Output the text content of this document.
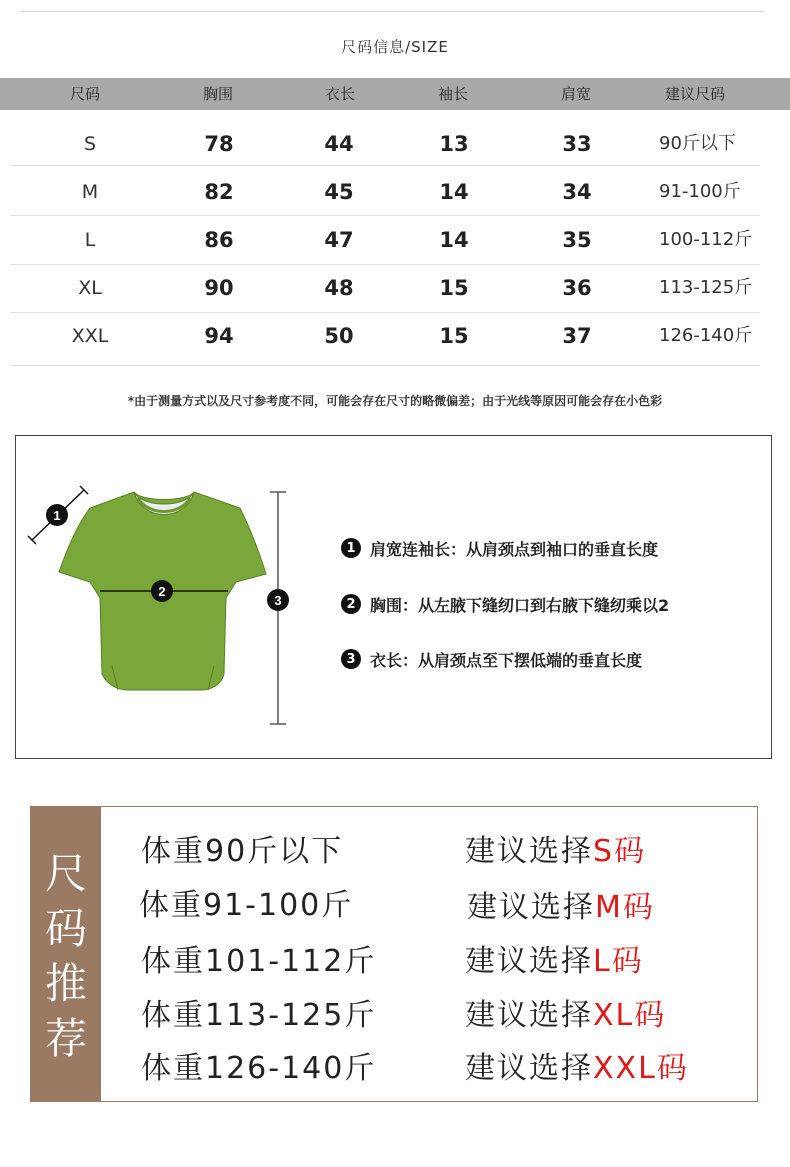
尺码信息/SIZE
尺码	胸围	衣长	袖长	肩宽	建议尺码
S	78	44	13	33	90斤以下
M	82	45	14	34	91-100斤
L	86	47	14	35	100-112斤
XL	90	48	15	36	113-125斤
XXL	94	50	15	37	126-140斤
*由于测量方式以及尺寸参考度不同，可能会存在尺寸的略微偏差；由于光线等原因可能会存在小色彩
1
2
3
1 肩宽连袖长：从肩颈点到袖口的垂直长度
2 胸围：从左腋下缝纫口到右腋下缝纫乘以2
3 衣长：从肩颈点至下摆低端的垂直长度
尺
码
推
荐
体重90斤以下	建议选择S码
体重91-100斤	建议选择M码
体重101-112斤	建议选择L码
体重113-125斤	建议选择XL码
体重126-140斤	建议选择XXL码
